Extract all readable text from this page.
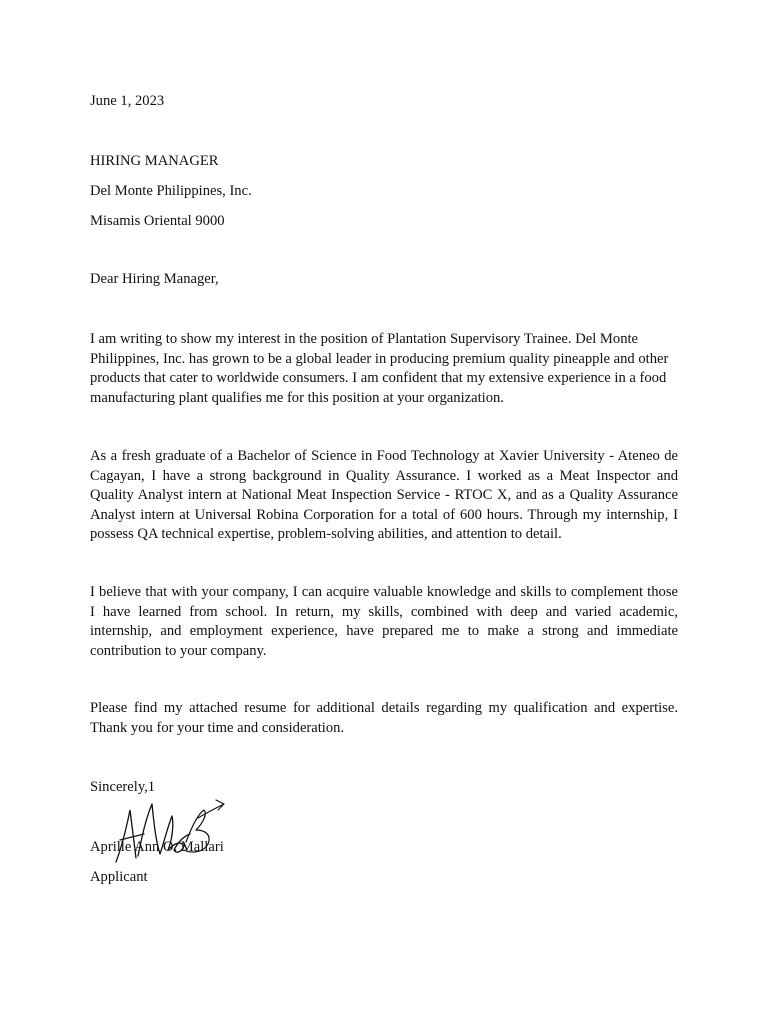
June 1, 2023
HIRING MANAGER
Del Monte Philippines, Inc.
Misamis Oriental 9000
Dear Hiring Manager,

I am writing to show my interest in the position of Plantation Supervisory Trainee. Del Monte Philippines, Inc. has grown to be a global leader in producing premium quality pineapple and other products that cater to worldwide consumers. I am confident that my extensive experience in a food manufacturing plant qualifies me for this position at your organization.

As a fresh graduate of a Bachelor of Science in Food Technology at Xavier University - Ateneo de Cagayan, I have a strong background in Quality Assurance. I worked as a Meat Inspector and Quality Analyst intern at National Meat Inspection Service - RTOC X, and as a Quality Assurance Analyst intern at Universal Robina Corporation for a total of 600 hours. Through my internship, I possess QA technical expertise, problem-solving abilities, and attention to detail.

I believe that with your company, I can acquire valuable knowledge and skills to complement those I have learned from school. In return, my skills, combined with deep and varied academic, internship, and employment experience, have prepared me to make a strong and immediate contribution to your company.

Please find my attached resume for additional details regarding my qualification and expertise. Thank you for your time and consideration.

Sincerely,1
Aprille Ann O. Mallari
Applicant
